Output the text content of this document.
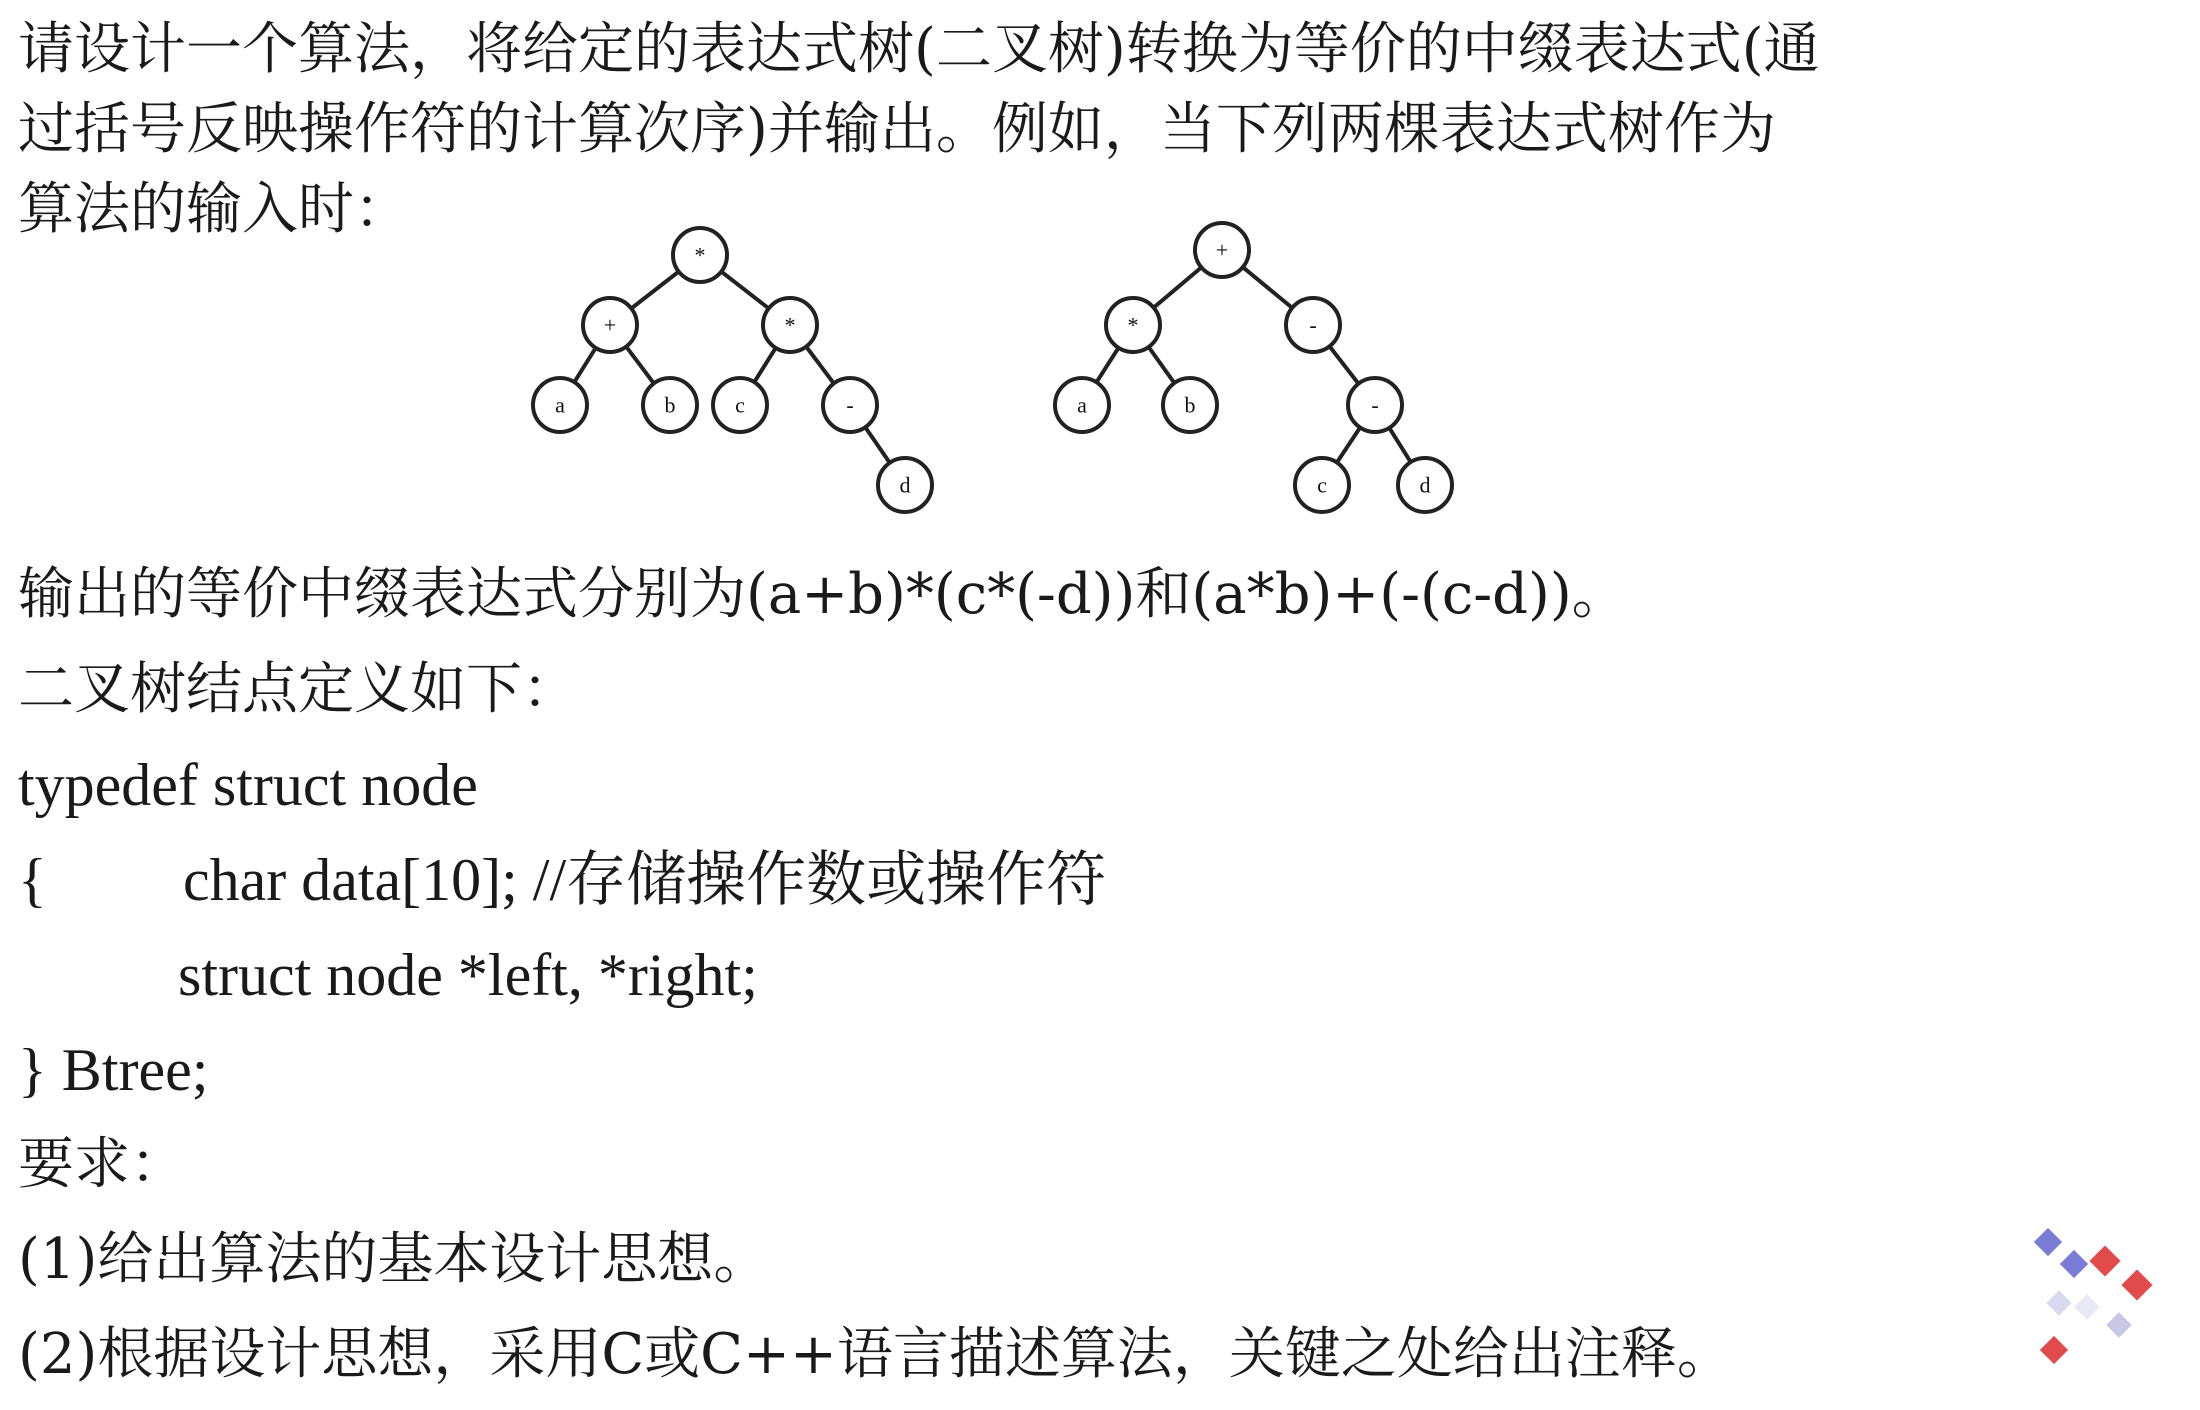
请设计一个算法，将给定的表达式树(二叉树)转换为等价的中缀表达式(通
过括号反映操作符的计算次序)并输出。例如，当下列两棵表达式树作为
算法的输入时：
*
+	*
a	b	c	-
d
+
*	-
a	b	-
c	d
输出的等价中缀表达式分别为(a+b)*(c*(-d))和(a*b)+(-(c-d))。
二叉树结点定义如下：
typedef struct node
{ char data[10]; //存储操作数或操作符
struct node *left, *right;
} Btree;
要求：
(1)给出算法的基本设计思想。
(2)根据设计思想，采用C或C++语言描述算法，关键之处给出注释。
